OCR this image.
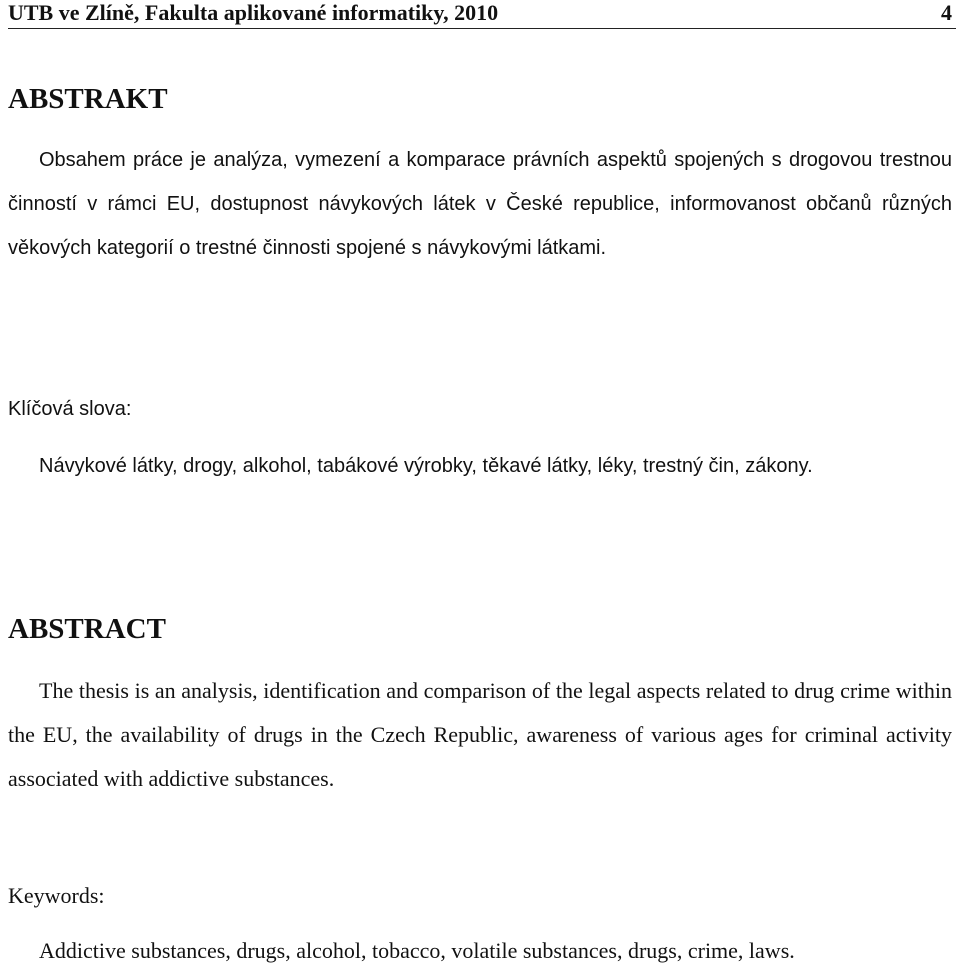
UTB ve Zlíně, Fakulta aplikované informatiky, 2010	4
ABSTRAKT

Obsahem práce je analýza, vymezení a komparace právních aspektů spojených s drogovou trestnou činností v rámci EU, dostupnost návykových látek v České republice, informovanost občanů různých věkových kategorií o trestné činnosti spojené s návykovými látkami.

Klíčová slova:

Návykové látky, drogy, alkohol, tabákové výrobky, těkavé látky, léky, trestný čin, zákony.

ABSTRACT

The thesis is an analysis, identification and comparison of the legal aspects related to drug crime within the EU, the availability of drugs in the Czech Republic, awareness of various ages for criminal activity associated with addictive substances.

Keywords:

Addictive substances, drugs, alcohol, tobacco, volatile substances, drugs, crime, laws.
